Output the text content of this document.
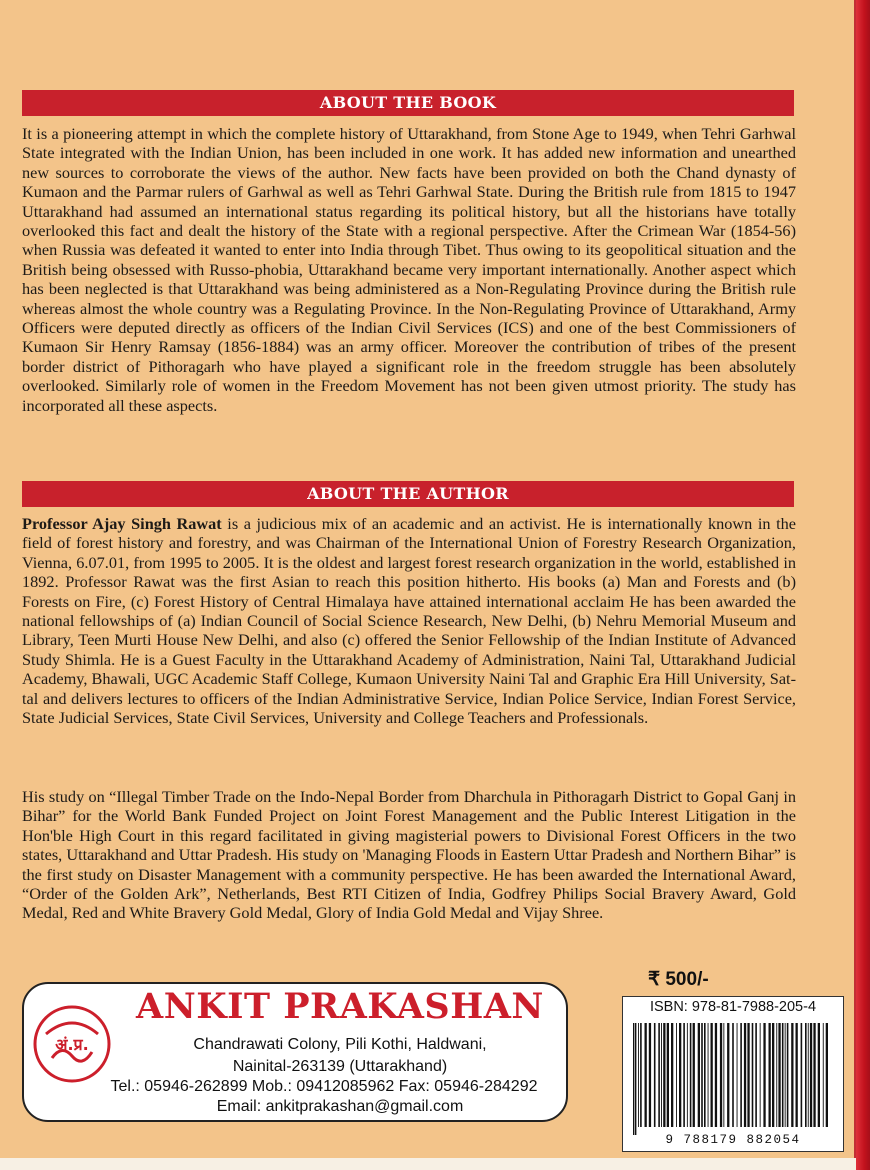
ABOUT THE BOOK

It is a pioneering attempt in which the complete history of Uttarakhand, from Stone Age to 1949, when Tehri Garhwal State integrated with the Indian Union, has been included in one work. It has added new information and unearthed new sources to corroborate the views of the author. New facts have been provided on both the Chand dynasty of Kumaon and the Parmar rulers of Garhwal as well as Tehri Garhwal State. During the British rule from 1815 to 1947 Uttarakhand had assumed an international status regarding its political history, but all the historians have totally overlooked this fact and dealt the history of the State with a regional perspective. After the Crimean War (1854-56) when Russia was defeated it wanted to enter into India through Tibet. Thus owing to its geopolitical situation and the British being obsessed with Russo-phobia, Uttarakhand became very important internationally. Another aspect which has been neglected is that Uttarakhand was being administered as a Non-Regulating Province during the British rule whereas almost the whole country was a Regulating Province. In the Non-Regulating Province of Uttarakhand, Army Officers were deputed directly as officers of the Indian Civil Services (ICS) and one of the best Commissioners of Kumaon Sir Henry Ramsay (1856-1884) was an army officer. Moreover the contribution of tribes of the present border district of Pithoragarh who have played a significant role in the freedom struggle has been absolutely overlooked. Similarly role of women in the Freedom Movement has not been given utmost priority. The study has incorporated all these aspects.

ABOUT THE AUTHOR

Professor Ajay Singh Rawat is a judicious mix of an academic and an activist. He is internationally known in the field of forest history and forestry, and was Chairman of the International Union of Forestry Research Organization, Vienna, 6.07.01, from 1995 to 2005. It is the oldest and largest forest research organization in the world, established in 1892. Professor Rawat was the first Asian to reach this position hitherto. His books (a) Man and Forests and (b) Forests on Fire, (c) Forest History of Central Himalaya have attained international acclaim He has been awarded the national fellowships of (a) Indian Council of Social Science Research, New Delhi, (b) Nehru Memorial Museum and Library, Teen Murti House New Delhi, and also (c) offered the Senior Fellowship of the Indian Institute of Advanced Study Shimla. He is a Guest Faculty in the Uttarakhand Academy of Administration, Naini Tal, Uttarakhand Judicial Academy, Bhawali, UGC Academic Staff College, Kumaon University Naini Tal and Graphic Era Hill University, Sat-tal and delivers lectures to officers of the Indian Administrative Service, Indian Police Service, Indian Forest Service, State Judicial Services, State Civil Services, University and College Teachers and Professionals.

His study on “Illegal Timber Trade on the Indo-Nepal Border from Dharchula in Pithoragarh District to Gopal Ganj in Bihar” for the World Bank Funded Project on Joint Forest Management and the Public Interest Litigation in the Hon'ble High Court in this regard facilitated in giving magisterial powers to Divisional Forest Officers in the two states, Uttarakhand and Uttar Pradesh. His study on 'Managing Floods in Eastern Uttar Pradesh and Northern Bihar” is the first study on Disaster Management with a community perspective. He has been awarded the International Award, “Order of the Golden Ark”, Netherlands, Best RTI Citizen of India, Godfrey Philips Social Bravery Award, Gold Medal, Red and White Bravery Gold Medal, Glory of India Gold Medal and Vijay Shree.

₹ 500/-
अं.प्र.
ANKIT PRAKASHAN
Chandrawati Colony, Pili Kothi, Haldwani,
Nainital-263139 (Uttarakhand)
Tel.: 05946-262899 Mob.: 09412085962 Fax: 05946-284292
Email: ankitprakashan@gmail.com
ISBN: 978-81-7988-205-4
9 788179 882054
